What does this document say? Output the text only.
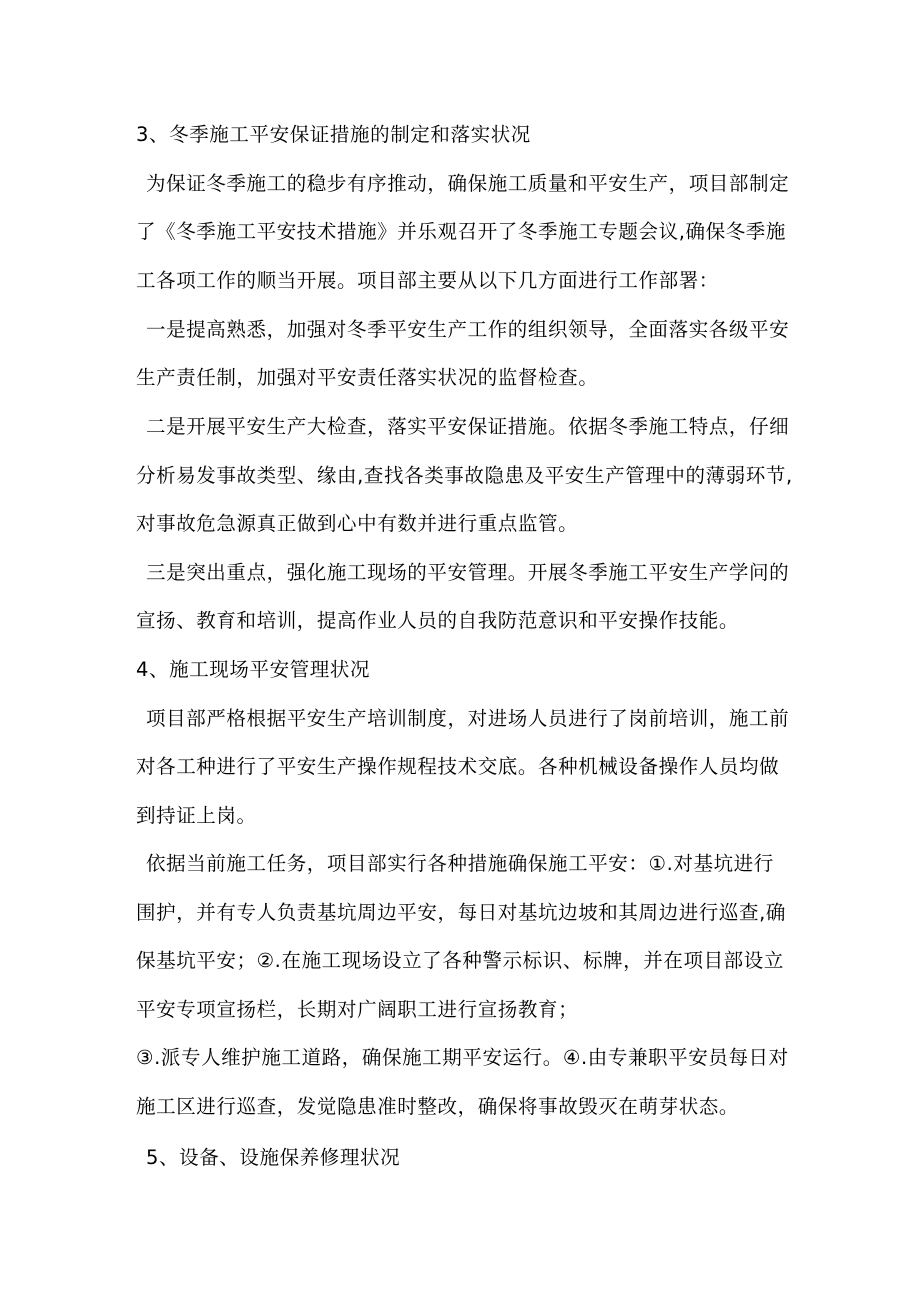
3、冬季施工平安保证措施的制定和落实状况
为保证冬季施工的稳步有序推动，确保施工质量和平安生产，项目部制定
了《冬季施工平安技术措施》并乐观召开了冬季施工专题会议,确保冬季施
工各项工作的顺当开展。项目部主要从以下几方面进行工作部署：
一是提高熟悉，加强对冬季平安生产工作的组织领导，全面落实各级平安
生产责任制，加强对平安责任落实状况的监督检查。
二是开展平安生产大检查，落实平安保证措施。依据冬季施工特点，仔细
分析易发事故类型、缘由,查找各类事故隐患及平安生产管理中的薄弱环节,
对事故危急源真正做到心中有数并进行重点监管。
三是突出重点，强化施工现场的平安管理。开展冬季施工平安生产学问的
宣扬、教育和培训，提高作业人员的自我防范意识和平安操作技能。
4、施工现场平安管理状况
项目部严格根据平安生产培训制度，对进场人员进行了岗前培训，施工前
对各工种进行了平安生产操作规程技术交底。各种机械设备操作人员均做
到持证上岗。
依据当前施工任务，项目部实行各种措施确保施工平安：①.对基坑进行
围护，并有专人负责基坑周边平安，每日对基坑边坡和其周边进行巡查,确
保基坑平安；②.在施工现场设立了各种警示标识、标牌，并在项目部设立
平安专项宣扬栏，长期对广阔职工进行宣扬教育；
③.派专人维护施工道路，确保施工期平安运行。④.由专兼职平安员每日对
施工区进行巡查，发觉隐患准时整改，确保将事故毁灭在萌芽状态。
5、设备、设施保养修理状况
